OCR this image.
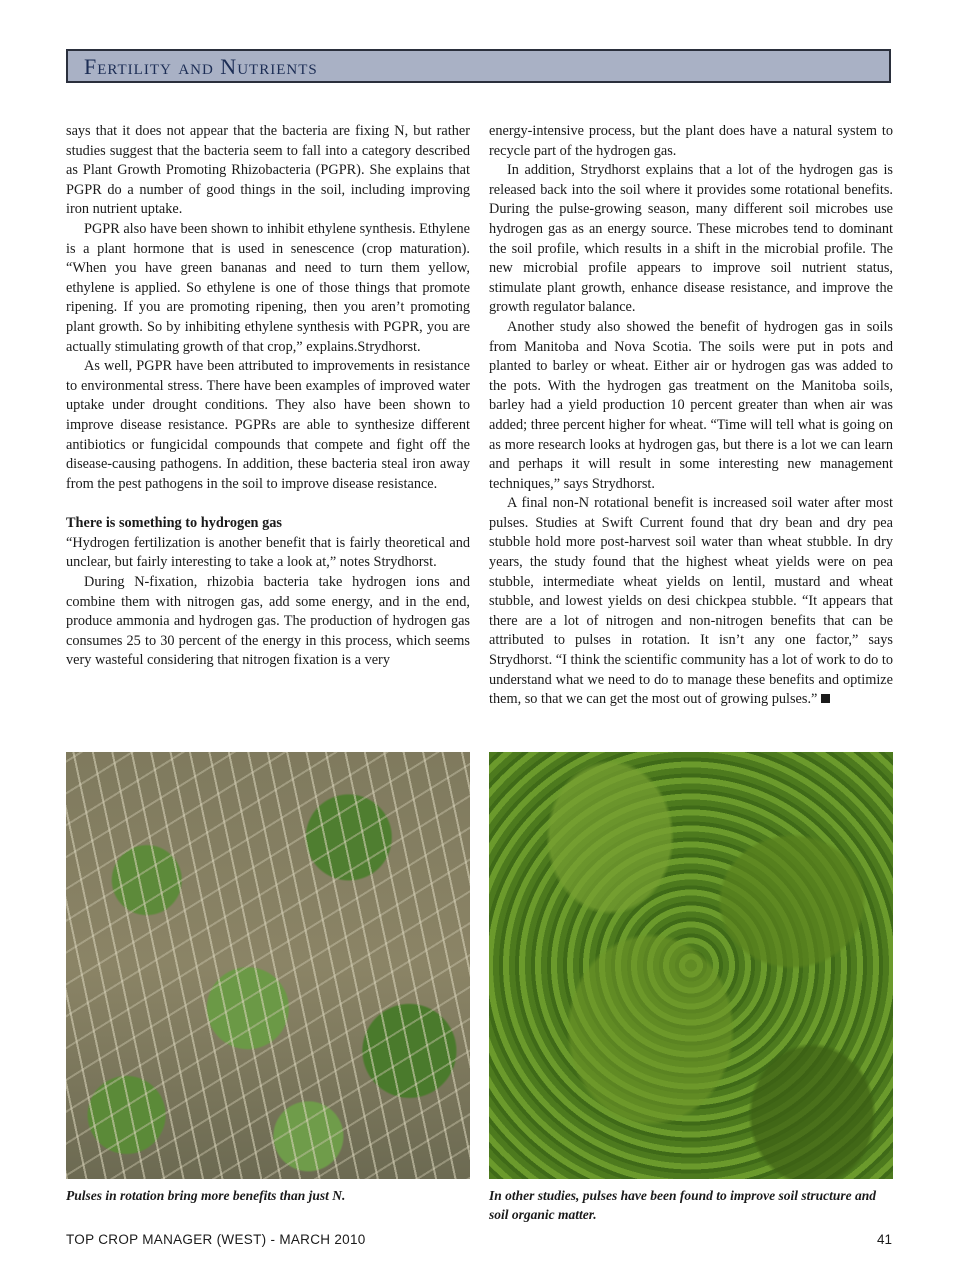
Fertility and Nutrients

says that it does not appear that the bacteria are fixing N, but rather studies suggest that the bacteria seem to fall into a category described as Plant Growth Promoting Rhizobacteria (PGPR). She explains that PGPR do a number of good things in the soil, including improving iron nutrient uptake.

PGPR also have been shown to inhibit ethylene synthesis. Ethylene is a plant hormone that is used in senescence (crop maturation). “When you have green bananas and need to turn them yellow, ethylene is applied. So ethylene is one of those things that promote ripening. If you are promoting ripening, then you aren’t promoting plant growth. So by inhibiting ethylene synthesis with PGPR, you are actually stimulating growth of that crop,” explains.Strydhorst.

As well, PGPR have been attributed to improvements in resistance to environmental stress. There have been examples of improved water uptake under drought conditions. They also have been shown to improve disease resistance. PGPRs are able to synthesize different antibiotics or fungicidal compounds that compete and fight off the disease-causing pathogens. In addition, these bacteria steal iron away from the pest pathogens in the soil to improve disease resistance.

There is something to hydrogen gas

“Hydrogen fertilization is another benefit that is fairly theoretical and unclear, but fairly interesting to take a look at,” notes Strydhorst.

During N-fixation, rhizobia bacteria take hydrogen ions and combine them with nitrogen gas, add some energy, and in the end, produce ammonia and hydrogen gas. The production of hydrogen gas consumes 25 to 30 percent of the energy in this process, which seems very wasteful considering that nitrogen fixation is a very

energy-intensive process, but the plant does have a natural system to recycle part of the hydrogen gas.

In addition, Strydhorst explains that a lot of the hydrogen gas is released back into the soil where it provides some rotational benefits. During the pulse-growing season, many different soil microbes use hydrogen gas as an energy source. These microbes tend to dominant the soil profile, which results in a shift in the microbial profile. The new microbial profile appears to improve soil nutrient status, stimulate plant growth, enhance disease resistance, and improve the growth regulator balance.

Another study also showed the benefit of hydrogen gas in soils from Manitoba and Nova Scotia. The soils were put in pots and planted to barley or wheat. Either air or hydrogen gas was added to the pots. With the hydrogen gas treatment on the Manitoba soils, barley had a yield production 10 percent greater than when air was added; three percent higher for wheat. “Time will tell what is going on as more research looks at hydrogen gas, but there is a lot we can learn and perhaps it will result in some interesting new management techniques,” says Strydhorst.

A final non-N rotational benefit is increased soil water after most pulses. Studies at Swift Current found that dry bean and dry pea stubble hold more post-harvest soil water than wheat stubble. In dry years, the study found that the highest wheat yields were on pea stubble, intermediate wheat yields on lentil, mustard and wheat stubble, and lowest yields on desi chickpea stubble. “It appears that there are a lot of nitrogen and non-nitrogen benefits that can be attributed to pulses in rotation. It isn’t any one factor,” says Strydhorst. “I think the scientific community has a lot of work to do to understand what we need to do to manage these benefits and optimize them, so that we can get the most out of growing pulses.”

Pulses in rotation bring more benefits than just N.	In other studies, pulses have been found to improve soil structure and soil organic matter.
TOP CROP MANAGER (WEST) - MARCH 2010	41
